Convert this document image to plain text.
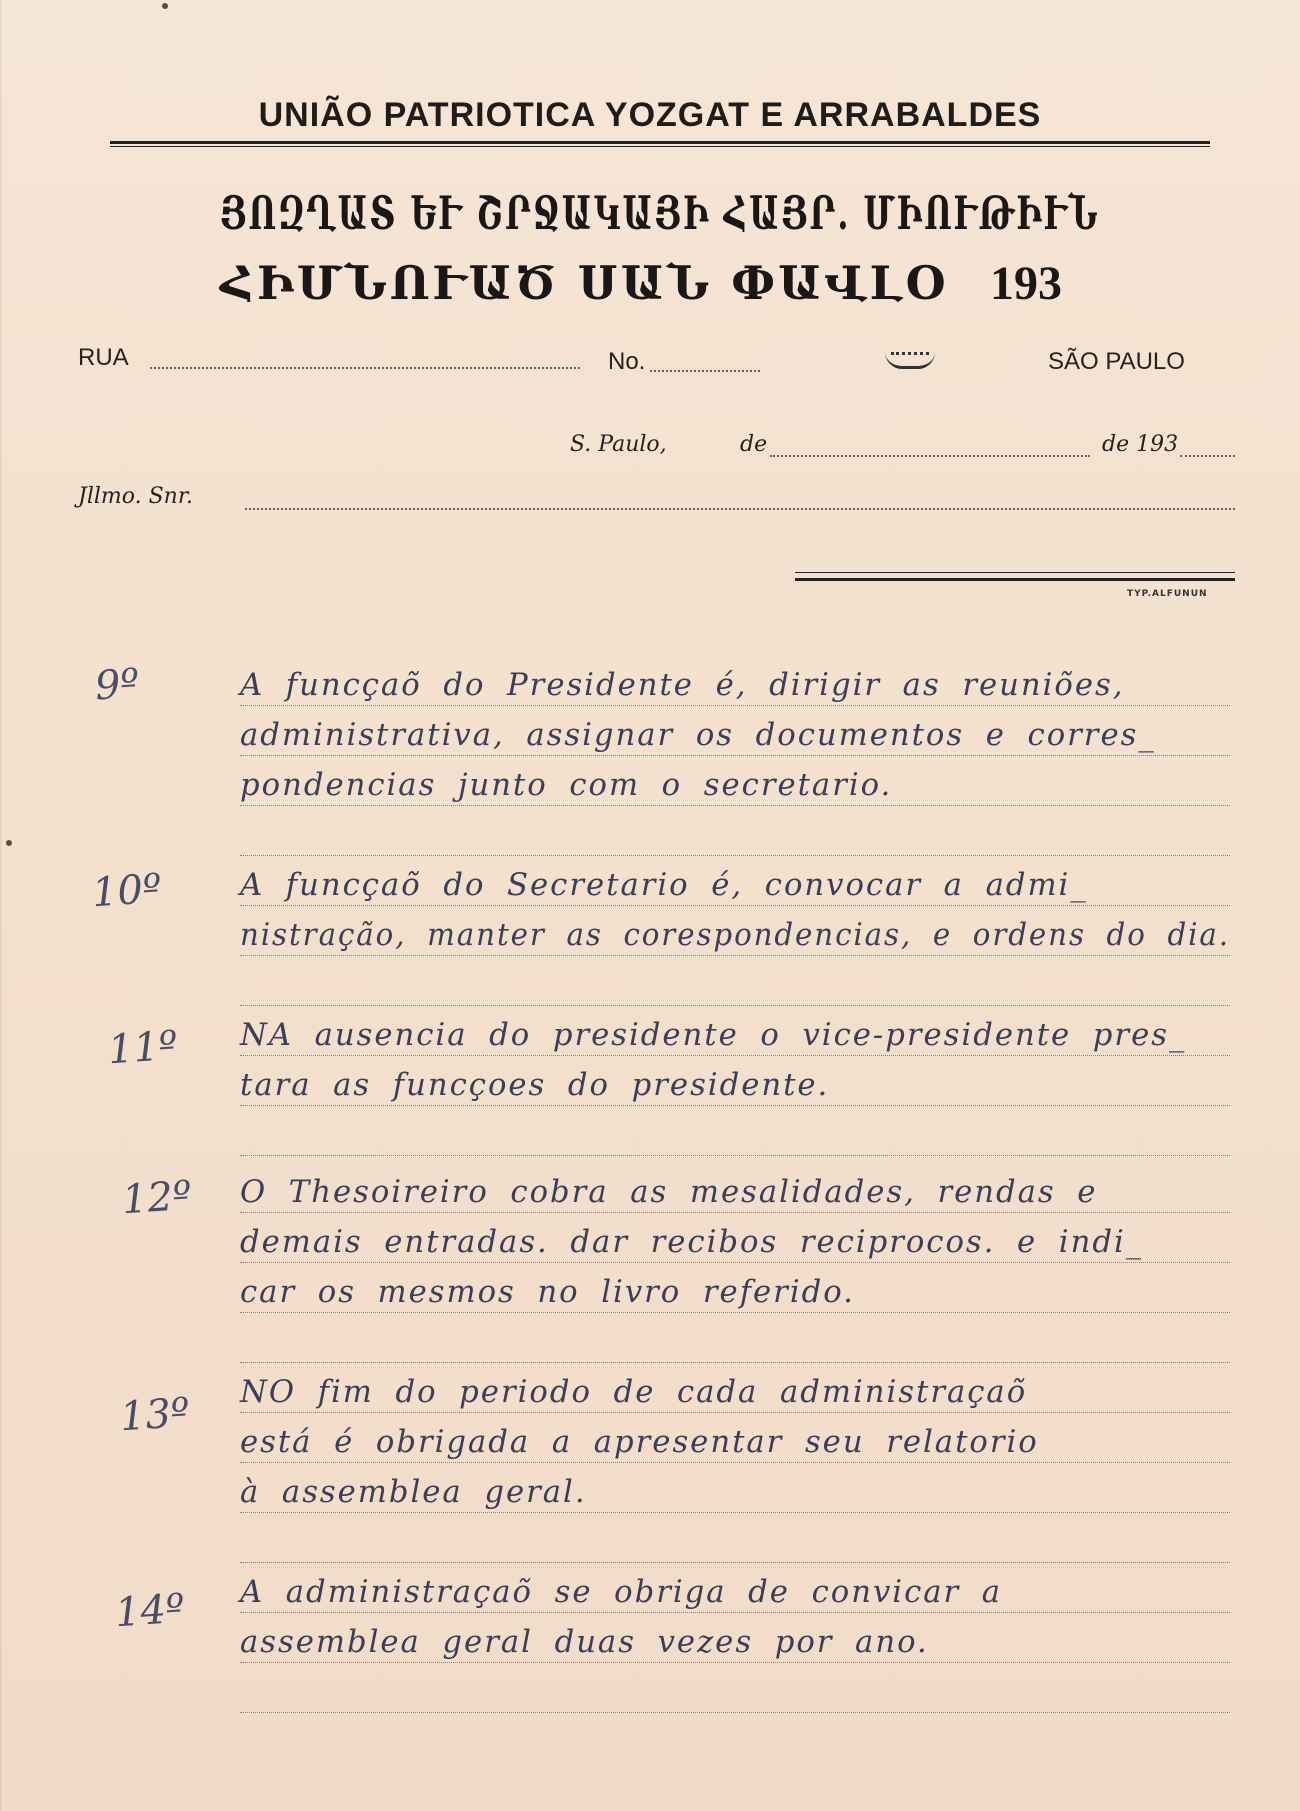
UNIÃO PATRIOTICA YOZGAT E ARRABALDES
ՅՈԶՂԱՏ ԵՒ ՇՐՋԱԿԱՅԻ ՀԱՅՐ. ՄԻՈՒԹԻՒՆ
ՀԻՄՆՈՒԱԾ ՍԱՆ ՓԱՎԼՕ 193
RUA	No.	SÃO PAULO
S. Paulo,	de	de 193
Jllmo. Snr.
TYP.ALFUNUN
9º	A funcçaõ do Presidente é, dirigir as reuniões,
administrativa, assignar os documentos e corres_
pondencias junto com o secretario.
10º A funcçaõ do Secretario é, convocar a admi_
nistração, manter as corespondencias, e ordens do dia.
11º NA ausencia do presidente o vice-presidente pres_
tara as funcçoes do presidente.
12º O Thesoireiro cobra as mesalidades, rendas e
demais entradas. dar recibos reciprocos. e indi_
car os mesmos no livro referido.
13º NO fim do periodo de cada administraçaõ
está é obrigada a apresentar seu relatorio
à assemblea geral.
14º A administraçaõ se obriga de convicar a
assemblea geral duas vezes por ano.
